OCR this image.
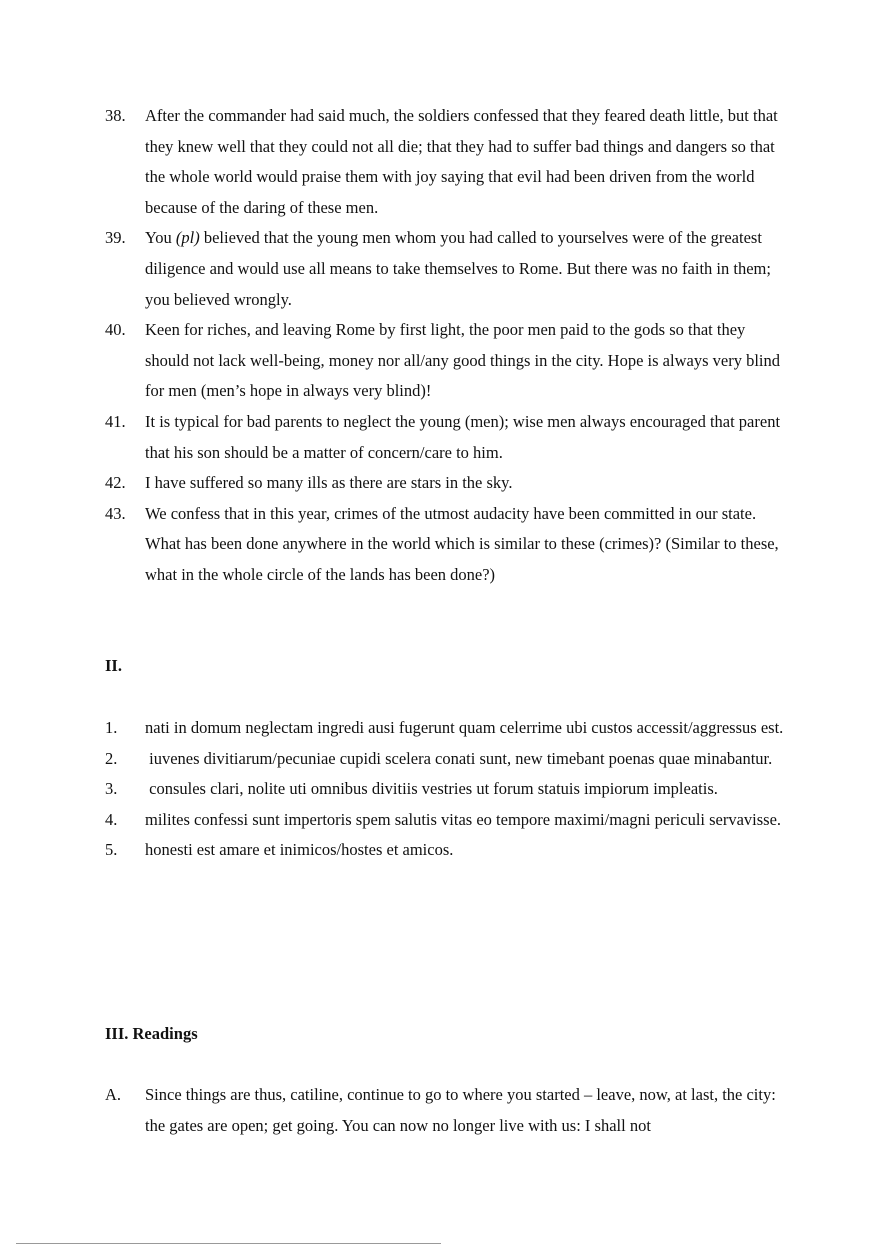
38.	After the commander had said much, the soldiers confessed that they feared death little, but that they knew well that they could not all die; that they had to suffer bad things and dangers so that the whole world would praise them with joy saying that evil had been driven from the world because of the daring of these men.
39.	You (pl) believed that the young men whom you had called to yourselves were of the greatest diligence and would use all means to take themselves to Rome. But there was no faith in them; you believed wrongly.
40.	Keen for riches, and leaving Rome by first light, the poor men paid to the gods so that they should not lack well-being, money nor all/any good things in the city. Hope is always very blind for men (men’s hope in always very blind)!
41.	It is typical for bad parents to neglect the young (men); wise men always encouraged that parent that his son should be a matter of concern/care to him.
42.	I have suffered so many ills as there are stars in the sky.
43.	We confess that in this year, crimes of the utmost audacity have been committed in our state. What has been done anywhere in the world which is similar to these (crimes)? (Similar to these, what in the whole circle of the lands has been done?)
II.
1.	nati in domum neglectam ingredi ausi fugerunt quam celerrime ubi custos accessit/aggressus est.
2.	iuvenes divitiarum/pecuniae cupidi scelera conati sunt, new timebant poenas quae minabantur.
3.	consules clari, nolite uti omnibus divitiis vestries ut forum statuis impiorum impleatis.
4.	milites confessi sunt impertoris spem salutis vitas eo tempore maximi/magni periculi servavisse.
5.	honesti est amare et inimicos/hostes et amicos.
III. Readings
A.	Since things are thus, catiline, continue to go to where you started – leave, now, at last, the city: the gates are open; get going. You can now no longer live with us: I shall not
